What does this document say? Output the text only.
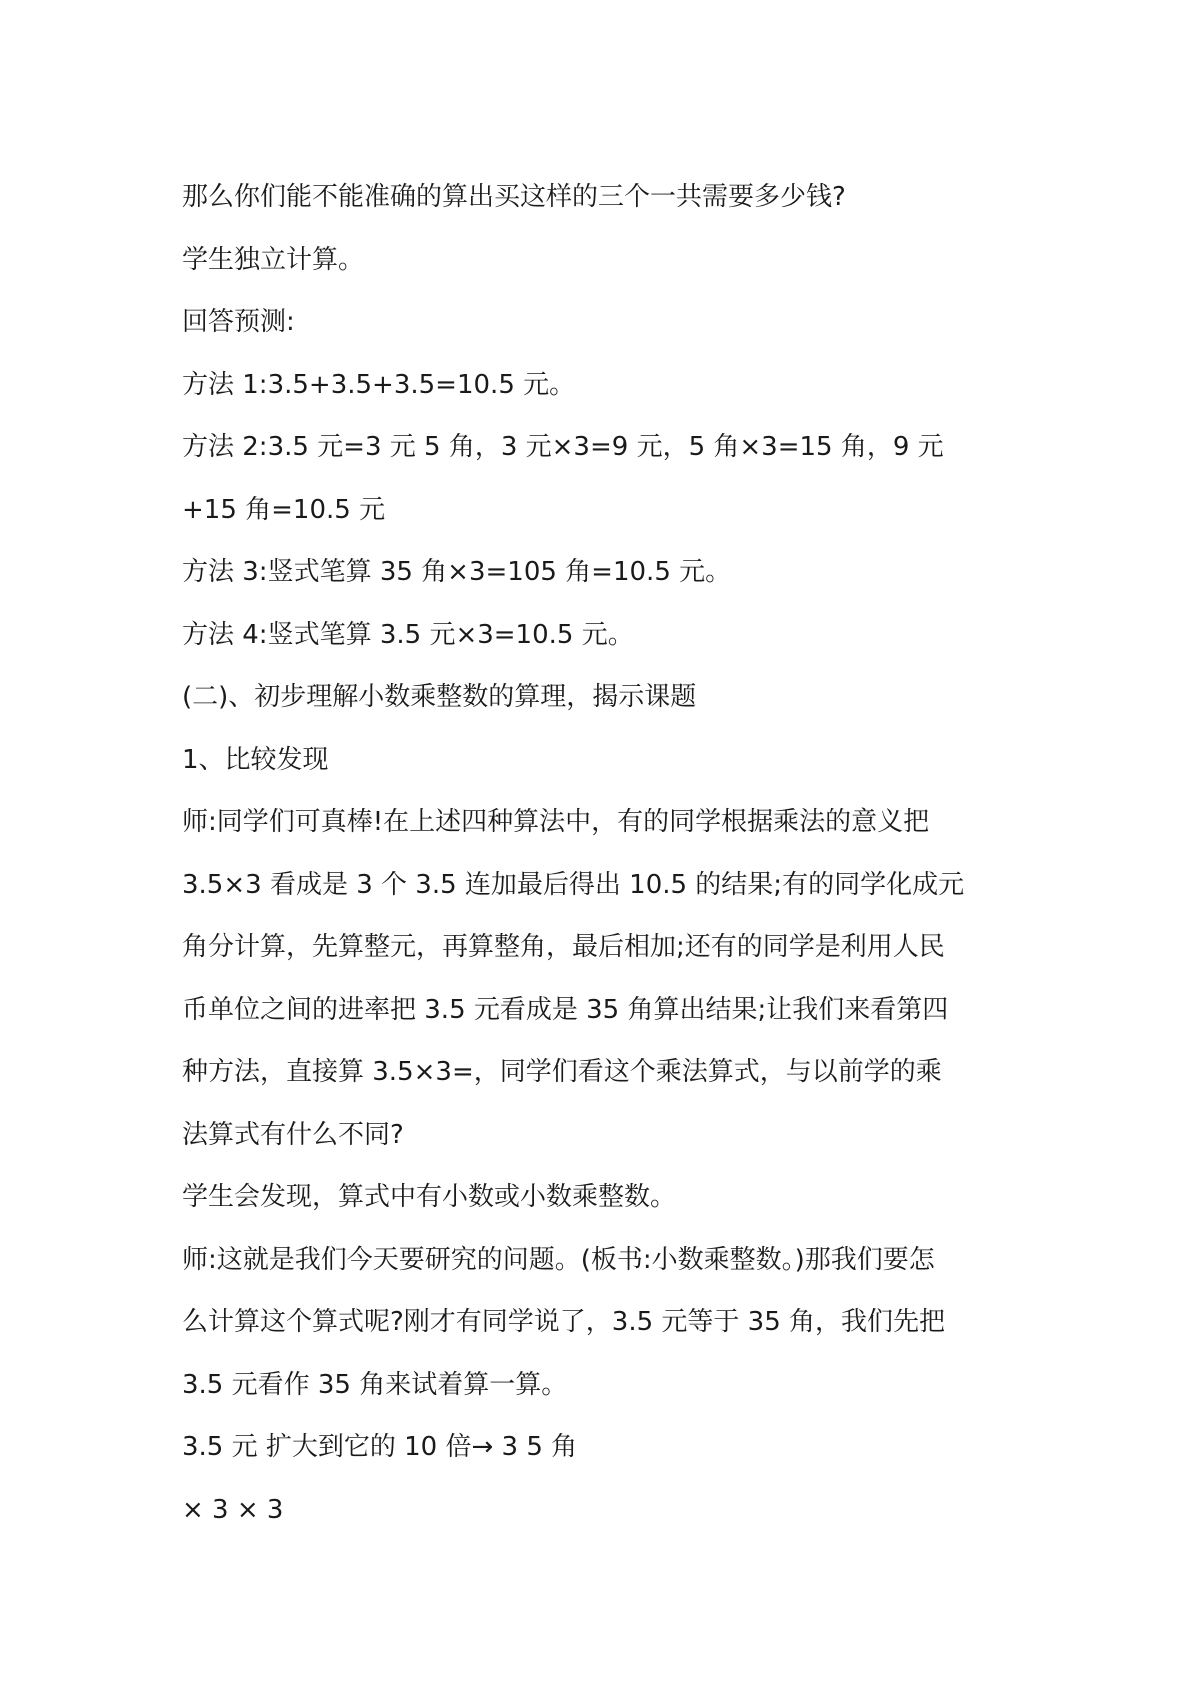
那么你们能不能准确的算出买这样的三个一共需要多少钱?

学生独立计算。

回答预测:

方法 1:3.5+3.5+3.5=10.5 元。

方法 2:3.5 元=3 元 5 角，3 元×3=9 元，5 角×3=15 角，9 元

+15 角=10.5 元

方法 3:竖式笔算 35 角×3=105 角=10.5 元。

方法 4:竖式笔算 3.5 元×3=10.5 元。

(二)、初步理解小数乘整数的算理，揭示课题

1、比较发现

师:同学们可真棒!在上述四种算法中，有的同学根据乘法的意义把

3.5×3 看成是 3 个 3.5 连加最后得出 10.5 的结果;有的同学化成元

角分计算，先算整元，再算整角，最后相加;还有的同学是利用人民

币单位之间的进率把 3.5 元看成是 35 角算出结果;让我们来看第四

种方法，直接算 3.5×3=，同学们看这个乘法算式，与以前学的乘

法算式有什么不同?

学生会发现，算式中有小数或小数乘整数。

师:这就是我们今天要研究的问题。(板书:小数乘整数。)那我们要怎

么计算这个算式呢?刚才有同学说了，3.5 元等于 35 角，我们先把

3.5 元看作 35 角来试着算一算。

3.5 元 扩大到它的 10 倍→ 3 5 角

× 3 × 3
